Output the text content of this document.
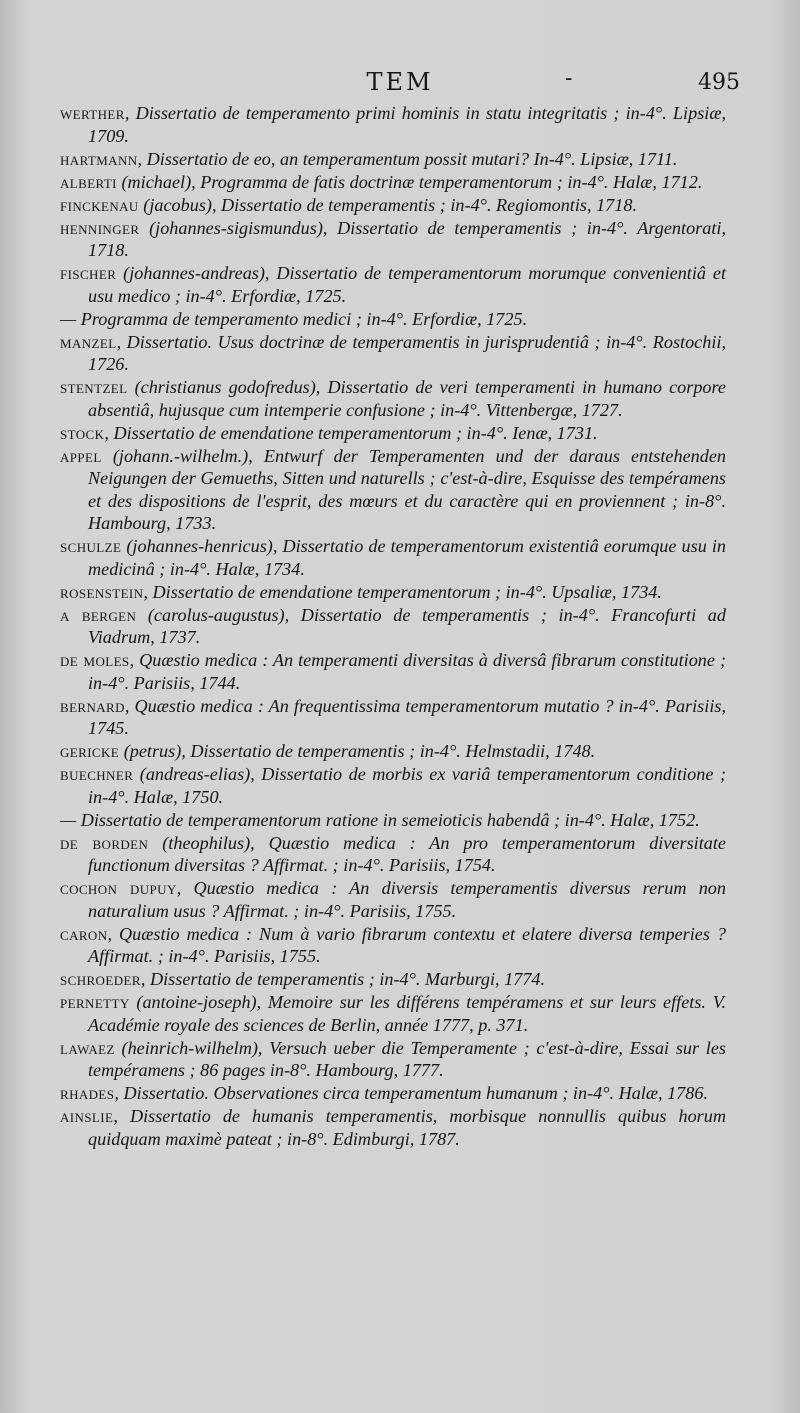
TEM	-	495

werther, Dissertatio de temperamento primi hominis in statu integritatis ; in-4°. Lipsiæ, 1709.

hartmann, Dissertatio de eo, an temperamentum possit mutari? In-4°. Lipsiæ, 1711.

alberti (michael), Programma de fatis doctrinæ temperamentorum ; in-4°. Halæ, 1712.

finckenau (jacobus), Dissertatio de temperamentis ; in-4°. Regiomontis, 1718.

henninger (johannes-sigismundus), Dissertatio de temperamentis ; in-4°. Argentorati, 1718.

fischer (johannes-andreas), Dissertatio de temperamentorum morumque convenientiâ et usu medico ; in-4°. Erfordiæ, 1725.

— Programma de temperamento medici ; in-4°. Erfordiæ, 1725.

manzel, Dissertatio. Usus doctrinæ de temperamentis in jurisprudentiâ ; in-4°. Rostochii, 1726.

stentzel (christianus godofredus), Dissertatio de veri temperamenti in humano corpore absentiâ, hujusque cum intemperie confusione ; in-4°. Vittenbergæ, 1727.

stock, Dissertatio de emendatione temperamentorum ; in-4°. Ienæ, 1731.

appel (johann.-wilhelm.), Entwurf der Temperamenten und der daraus entstehenden Neigungen der Gemueths, Sitten und naturells ; c'est-à-dire, Esquisse des tempéramens et des dispositions de l'esprit, des mœurs et du caractère qui en proviennent ; in-8°. Hambourg, 1733.

schulze (johannes-henricus), Dissertatio de temperamentorum existentiâ eorumque usu in medicinâ ; in-4°. Halæ, 1734.

rosenstein, Dissertatio de emendatione temperamentorum ; in-4°. Upsaliæ, 1734.

a bergen (carolus-augustus), Dissertatio de temperamentis ; in-4°. Francofurti ad Viadrum, 1737.

de moles, Quæstio medica : An temperamenti diversitas à diversâ fibrarum constitutione ; in-4°. Parisiis, 1744.

bernard, Quæstio medica : An frequentissima temperamentorum mutatio ? in-4°. Parisiis, 1745.

gericke (petrus), Dissertatio de temperamentis ; in-4°. Helmstadii, 1748.

buechner (andreas-elias), Dissertatio de morbis ex variâ temperamentorum conditione ; in-4°. Halæ, 1750.

— Dissertatio de temperamentorum ratione in semeioticis habendâ ; in-4°. Halæ, 1752.

de borden (theophilus), Quæstio medica : An pro temperamentorum diversitate functionum diversitas ? Affirmat. ; in-4°. Parisiis, 1754.

cochon dupuy, Quæstio medica : An diversis temperamentis diversus rerum non naturalium usus ? Affirmat. ; in-4°. Parisiis, 1755.

caron, Quæstio medica : Num à vario fibrarum contextu et elatere diversa temperies ? Affirmat. ; in-4°. Parisiis, 1755.

schroeder, Dissertatio de temperamentis ; in-4°. Marburgi, 1774.

pernetty (antoine-joseph), Memoire sur les différens tempéramens et sur leurs effets. V. Académie royale des sciences de Berlin, année 1777, p. 371.

lawaez (heinrich-wilhelm), Versuch ueber die Temperamente ; c'est-à-dire, Essai sur les tempéramens ; 86 pages in-8°. Hambourg, 1777.

rhades, Dissertatio. Observationes circa temperamentum humanum ; in-4°. Halæ, 1786.

ainslie, Dissertatio de humanis temperamentis, morbisque nonnullis quibus horum quidquam maximè pateat ; in-8°. Edimburgi, 1787.
